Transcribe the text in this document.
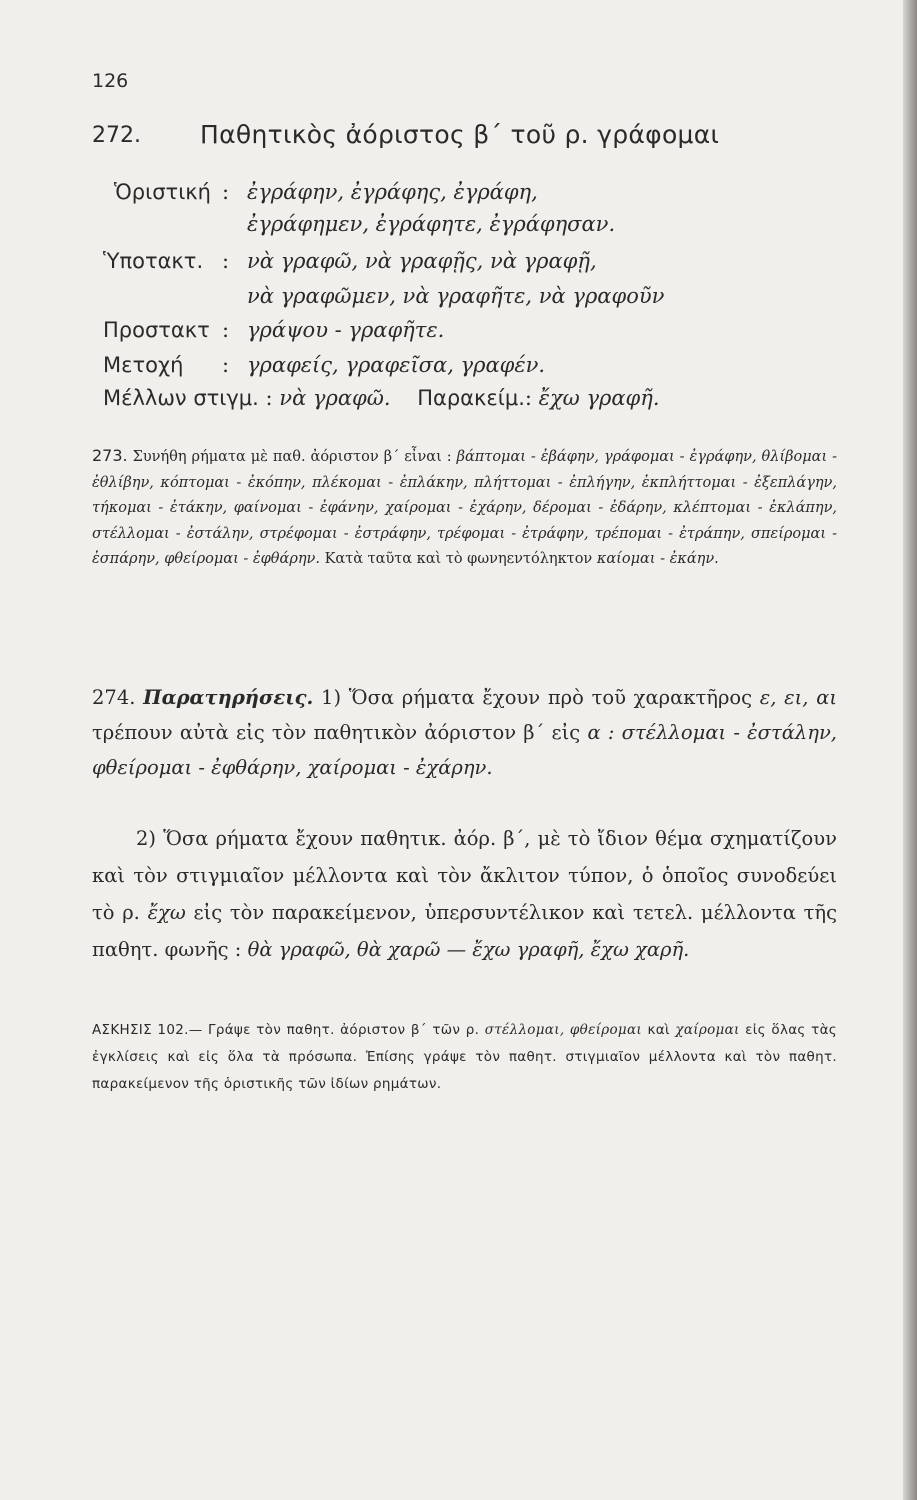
126
272. Παθητικὸς ἀόριστος β΄ τοῦ ρ. γράφομαι
Ὁριστική : ἐγράφην, ἐγράφης, ἐγράφη,
ἐγράφημεν, ἐγράφητε, ἐγράφησαν.
Ὑποτακτ. : νὰ γραφῶ, νὰ γραφῇς, νὰ γραφῇ,
νὰ γραφῶμεν, νὰ γραφῆτε, νὰ γραφοῦν
Προστακτ : γράψου - γραφῆτε.
Μετοχή : γραφείς, γραφεῖσα, γραφέν.
Μέλλων στιγμ. : νὰ γραφῶ. Παρακείμ.: ἔχω γραφῆ.

273. Συνήθη ρήματα μὲ παθ. ἀόριστον β΄ εἶναι : βάπτομαι - ἐβάφην, γράφομαι - ἐγράφην, θλίβομαι - ἐθλίβην, κόπτομαι - ἐκόπην, πλέκομαι - ἐπλάκην, πλήττομαι - ἐπλήγην, ἐκπλήττομαι - ἐξεπλάγην, τήκομαι - ἐτάκην, φαίνομαι - ἐφάνην, χαίρομαι - ἐχάρην, δέρομαι - ἐδάρην, κλέπτομαι - ἐκλάπην, στέλλομαι - ἐστάλην, στρέφομαι - ἐστράφην, τρέφομαι - ἐτράφην, τρέπομαι - ἐτράπην, σπείρομαι - ἐσπάρην, φθείρομαι - ἐφθάρην. Κατὰ ταῦτα καὶ τὸ φωνηεντόληκτον καίομαι - ἐκάην.

274. Παρατηρήσεις. 1) Ὅσα ρήματα ἔχουν πρὸ τοῦ χαρακτῆρος ε, ει, αι τρέπουν αὐτὰ εἰς τὸν παθητικὸν ἀόριστον β΄ εἰς α : στέλλομαι - ἐστάλην, φθείρομαι - ἐφθάρην, χαίρομαι - ἐχάρην.

2) Ὅσα ρήματα ἔχουν παθητικ. ἀόρ. β΄, μὲ τὸ ἴδιον θέμα σχηματίζουν καὶ τὸν στιγμιαῖον μέλλοντα καὶ τὸν ἄκλιτον τύπον, ὁ ὁποῖος συνοδεύει τὸ ρ. ἔχω εἰς τὸν παρακείμενον, ὑπερσυντέλικον καὶ τετελ. μέλλοντα τῆς παθητ. φωνῆς : θὰ γραφῶ, θὰ χαρῶ — ἔχω γραφῆ, ἔχω χαρῆ.

ΑΣΚΗΣΙΣ 102.— Γράψε τὸν παθητ. ἀόριστον β΄ τῶν ρ. στέλλομαι, φθείρομαι καὶ χαίρομαι εἰς ὅλας τὰς ἐγκλίσεις καὶ εἰς ὅλα τὰ πρόσωπα. Ἐπίσης γράψε τὸν παθητ. στιγμιαῖον μέλλοντα καὶ τὸν παθητ. παρακείμενον τῆς ὁριστικῆς τῶν ἰδίων ρημάτων.
